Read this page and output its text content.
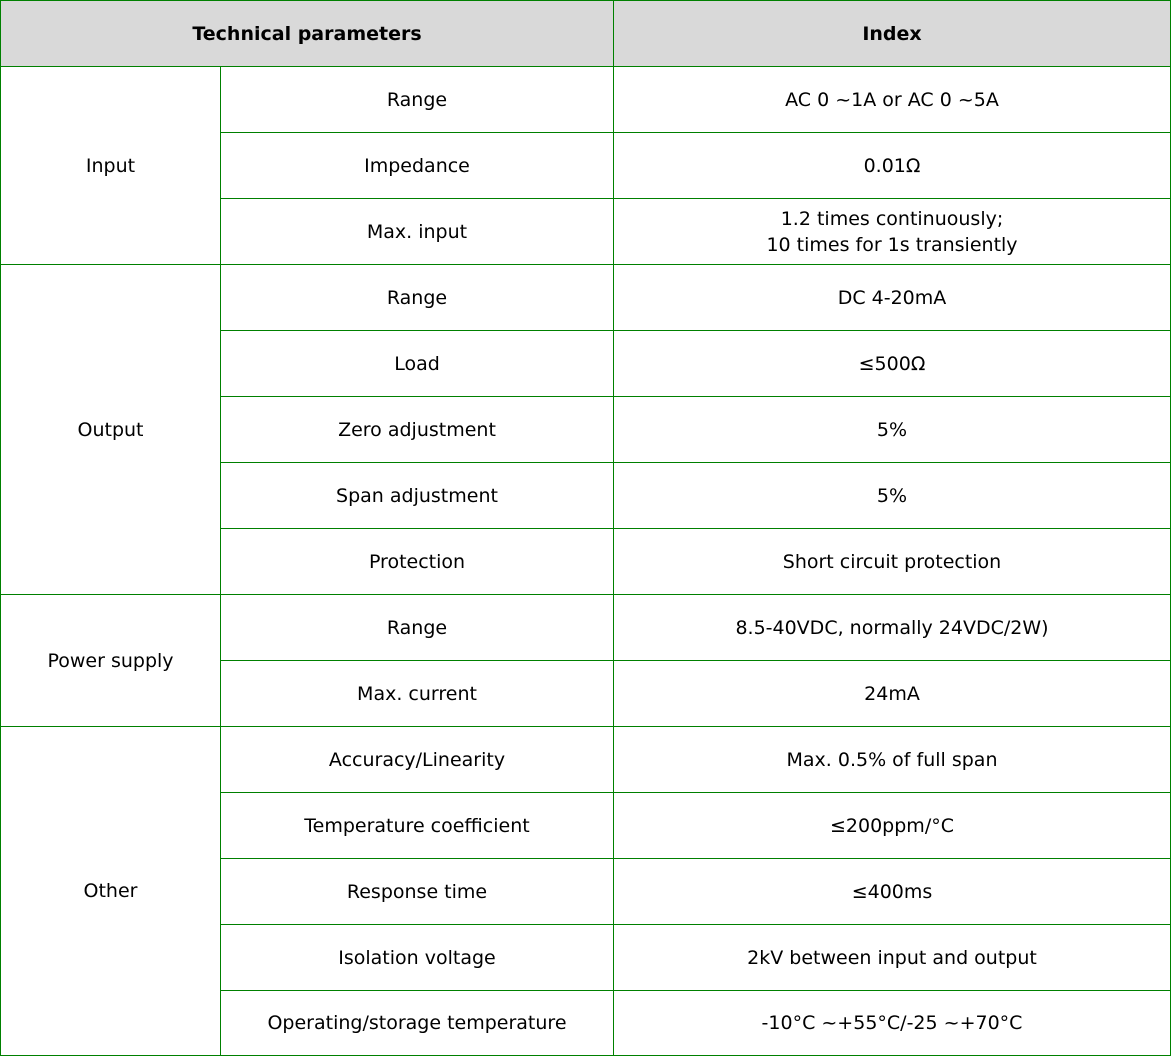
Technical parameters		Index
Input	Range	AC 0 ~1A or AC 0 ~5A

	Impedance	0.01Ω

	Max. input	1.2 times continuously;
10 times for 1s transiently

Output	Range	DC 4-20mA

	Load	≤500Ω

	Zero adjustment	5%

	Span adjustment	5%

	Protection	Short circuit protection

Power supply	Range	8.5-40VDC, normally 24VDC/2W)

	Max. current	24mA

Other	Accuracy/Linearity	Max. 0.5% of full span

	Temperature coefficient	≤200ppm/°C

	Response time	≤400ms

	Isolation voltage	2kV between input and output

	Operating/storage temperature	-10°C ~+55°C/-25 ~+70°C
